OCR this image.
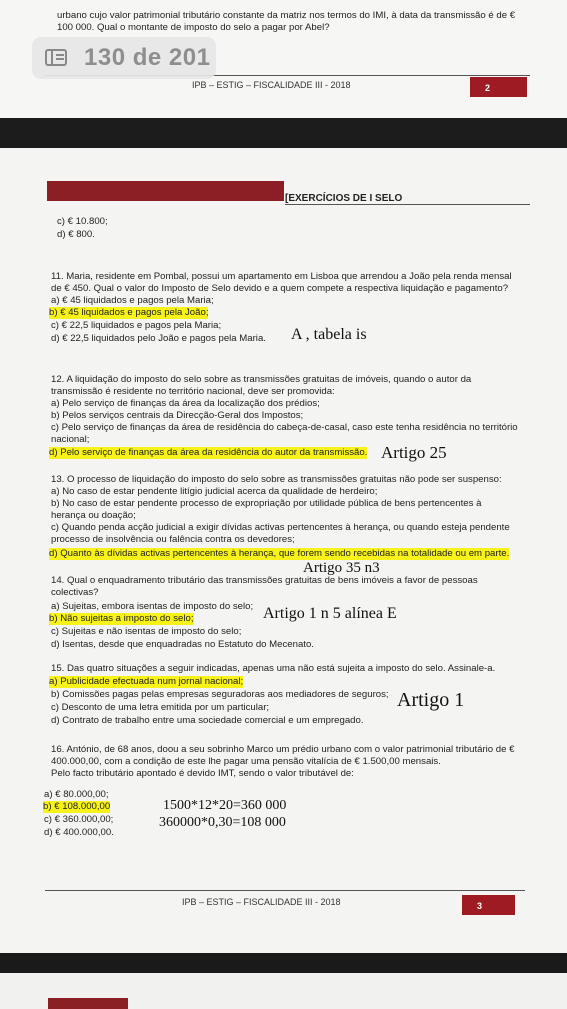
urbano cujo valor patrimonial tributário constante da matriz nos termos do IMI, à data da transmissão é de €
100 000. Qual o montante de imposto do selo a pagar por Abel?
IPB – ESTIG – FISCALIDADE III - 2018	2
130 de 201
[EXERCÍCIOS DE I SELO
c) € 10.800;
d) € 800.
11. Maria, residente em Pombal, possui um apartamento em Lisboa que arrendou a João pela renda mensal
de € 450. Qual o valor do Imposto de Selo devido e a quem compete a respectiva liquidação e pagamento?
a) € 45 liquidados e pagos pela Maria;
b) € 45 liquidados e pagos pela João;
c) € 22,5 liquidados e pagos pela Maria;
d) € 22,5 liquidados pelo João e pagos pela Maria. A , tabela is
12. A liquidação do imposto do selo sobre as transmissões gratuitas de imóveis, quando o autor da
transmissão é residente no território nacional, deve ser promovida:
a) Pelo serviço de finanças da área da localização dos prédios;
b) Pelos serviços centrais da Direcção-Geral dos Impostos;
c) Pelo serviço de finanças da área de residência do cabeça-de-casal, caso este tenha residência no território
nacional;
d) Pelo serviço de finanças da área da residência do autor da transmissão. Artigo 25
13. O processo de liquidação do imposto do selo sobre as transmissões gratuitas não pode ser suspenso:
a) No caso de estar pendente litígio judicial acerca da qualidade de herdeiro;
b) No caso de estar pendente processo de expropriação por utilidade pública de bens pertencentes à
herança ou doação;
c) Quando penda acção judicial a exigir dívidas activas pertencentes à herança, ou quando esteja pendente
processo de insolvência ou falência contra os devedores;
d) Quanto às dívidas activas pertencentes à herança, que forem sendo recebidas na totalidade ou em parte.
Artigo 35 n3
14. Qual o enquadramento tributário das transmissões gratuitas de bens imóveis a favor de pessoas
colectivas?
a) Sujeitas, embora isentas de imposto do selo;
b) Não sujeitas a imposto do selo;
c) Sujeitas e não isentas de imposto do selo;
d) Isentas, desde que enquadradas no Estatuto do Mecenato.
Artigo 1 n 5 alínea E
15. Das quatro situações a seguir indicadas, apenas uma não está sujeita a imposto do selo. Assinale-a.
a) Publicidade efectuada num jornal nacional;
b) Comissões pagas pelas empresas seguradoras aos mediadores de seguros;
c) Desconto de uma letra emitida por um particular;
d) Contrato de trabalho entre uma sociedade comercial e um empregado.
Artigo 1
16. António, de 68 anos, doou a seu sobrinho Marco um prédio urbano com o valor patrimonial tributário de €
400.000,00, com a condição de este lhe pagar uma pensão vitalícia de € 1.500,00 mensais.
Pelo facto tributário apontado é devido IMT, sendo o valor tributável de:
a) € 80.000,00;
b) € 108.000,00
c) € 360.000,00;
d) € 400.000,00.
1500*12*20=360 000
360000*0,30=108 000
IPB – ESTIG – FISCALIDADE III - 2018	3
